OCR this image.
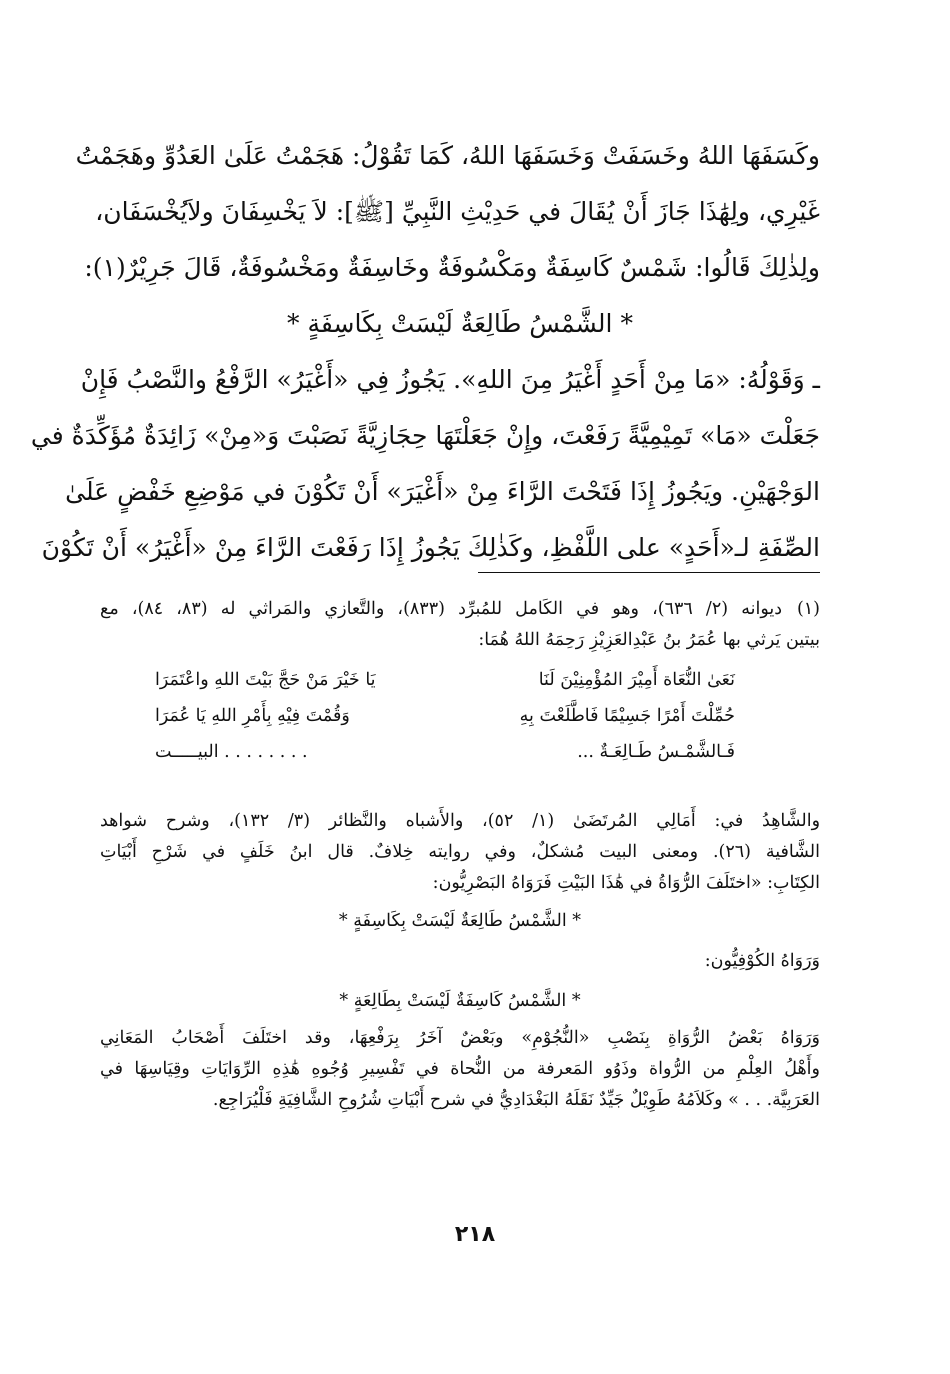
وكَسَفَهَا اللهُ وخَسَفَتْ وَخَسَفَهَا اللهُ، كَمَا تَقُوْلُ: هَجَمْتُ عَلَىٰ العَدُوِّ وهَجَمْتُ
غَيْرِي، ولِهَٰذَا جَازَ أَنْ يُقَالَ في حَدِيْثِ النَّبِيِّ [ﷺ]: لاَ يَخْسِفَانَ ولاَيُخْسَفَان،
ولِذٰلِكَ قَالُوا: شَمْسٌ كَاسِفَةٌ ومَكْسُوفَةٌ وخَاسِفَةٌ ومَخْسُوفَةٌ، قَالَ جَرِيْرٌ(١):
* الشَّمْسُ طَالِعَةٌ لَيْسَتْ بِكَاسِفَةٍ *
ـ وَقَوْلُهُ: «مَا مِنْ أَحَدٍ أَغْيَرُ مِنَ اللهِ». يَجُوزُ فِي «أَغْيَرُ» الرَّفْعُ والنَّصْبُ فَإِنْ
جَعَلْتَ «مَا» تَمِيْمِيَّةً رَفَعْتَ، وإِنْ جَعَلْتَهَا حِجَازِيَّةً نَصَبْتَ وَ«مِنْ» زَائِدَةٌ مُؤَكِّدَةٌ في
الوَجْهَيْنِ. ويَجُوزُ إِذَا فَتَحْتَ الرَّاءَ مِنْ «أَغْيَرَ» أَنْ تَكُوْنَ في مَوْضِعِ خَفْضٍ عَلَىٰ
الصِّفَةِ لـ«أَحَدٍ» على اللَّفْظِ، وكَذٰلِكَ يَجُوزُ إِذَا رَفَعْتَ الرَّاءَ مِنْ «أَغْيَرُ» أَنْ تَكُوْنَ
(١)
ديوانه (٢/ ٦٣٦)، وهو في الكَامل للمُبرِّد (٨٣٣)، والتَّعازي والمَراثي له (٨٣، ٨٤)، مع
بيتين يَرثي بها عُمَرُ بنُ عَبْدِالعَزِيْزِ رَحِمَهُ اللهُ هُمَا:
نَعَىٰ النُّعَاة أَمِيْرَ المُؤْمِنِيْنَ لَنَا
يَا خَيْرَ مَنْ حَجَّ بَيْتَ اللهِ واعْتَمَرَا
حُمِّلْتَ أَمْرًا جَسِيْمًا فَاطَّلَعْتَ بِهِ
وَقُمْتَ فِيْهِ بِأَمْرِ اللهِ يَا عُمَرَا
فَـالشَّمْـسُ طَـالِعَـةٌ ...
. . . . . . . . البيـــــت
والشَّاهِدُ في: أَمَالِي المُرتَضَىٰ (١/ ٥٢)، والأَشباه والنَّظائر (٣/ ١٣٢)، وشرح شواهد
الشَّافية (٢٦). ومعنى البيت مُشكلٌ، وفي روايته خِلافٌ. قال ابنُ خَلَفٍ في شَرْحِ أَبْيَاتِ
الكِتَابِ: «اختَلَفَ الرُّوَاةُ في هَٰذَا البَيْتِ فَرَوَاهُ البَصْرِيُّون:
* الشَّمْسُ طَالِعَةٌ لَيْسَتْ بِكَاسِفَةٍ *
وَرَوَاهُ الكُوْفِيُّون:
* الشَّمْسُ كَاسِفَةٌ لَيْسَتْ بِطَالِعَةٍ *
وَرَوَاهُ بَعْضُ الرُّوَاةِ بِنَصْبِ «النُّجُوْمِ» وبَعْضٌ آخَرُ بِرَفْعِهَا، وقد اختَلَفَ أَصْحَابُ المَعَانِي
وأَهْلُ العِلْمِ من الرُّواة وذَوُو المَعرفة من النُّحاة في تَفْسِيرِ وُجُوهِ هَٰذِهِ الرِّوَايَاتِ وقِيَاسِهَا في
العَرَبِيَّة. . . » وكَلاَمُهُ طَوِيْلٌ جَيِّدٌ نَقَلَهُ البَغْدَادِيُّ في شرح أَبْيَاتِ شُرُوحِ الشَّافِيَةِ فَلْيُرَاجِع.
٢١٨
